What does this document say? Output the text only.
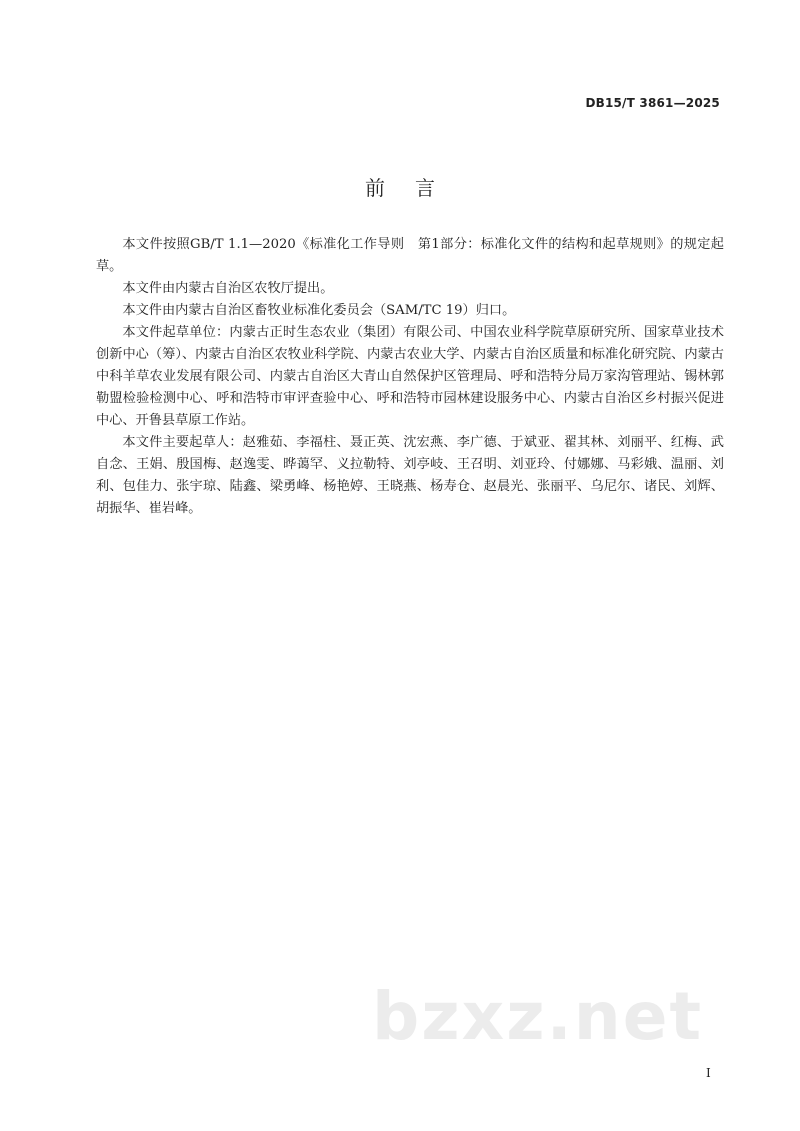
DB15/T 3861—2025
前言

本文件按照GB/T 1.1—2020《标准化工作导则　第1部分：标准化文件的结构和起草规则》的规定起草。

本文件由内蒙古自治区农牧厅提出。

本文件由内蒙古自治区畜牧业标准化委员会（SAM/TC 19）归口。

本文件起草单位：内蒙古正时生态农业（集团）有限公司、中国农业科学院草原研究所、国家草业技术创新中心（筹）、内蒙古自治区农牧业科学院、内蒙古农业大学、内蒙古自治区质量和标准化研究院、内蒙古中科羊草农业发展有限公司、内蒙古自治区大青山自然保护区管理局、呼和浩特分局万家沟管理站、锡林郭勒盟检验检测中心、呼和浩特市审评查验中心、呼和浩特市园林建设服务中心、内蒙古自治区乡村振兴促进中心、开鲁县草原工作站。

本文件主要起草人：赵雅茹、李福柱、聂正英、沈宏燕、李广德、于斌亚、翟其林、刘丽平、红梅、武自念、王娟、殷国梅、赵逸雯、晔蔼罕、义拉勒特、刘亭岐、王召明、刘亚玲、付娜娜、马彩娥、温丽、刘利、包佳力、张宇琼、陆鑫、梁勇峰、杨艳婷、王晓燕、杨寿仓、赵晨光、张丽平、乌尼尔、诸民、刘辉、胡振华、崔岩峰。

bzxz.net
I
